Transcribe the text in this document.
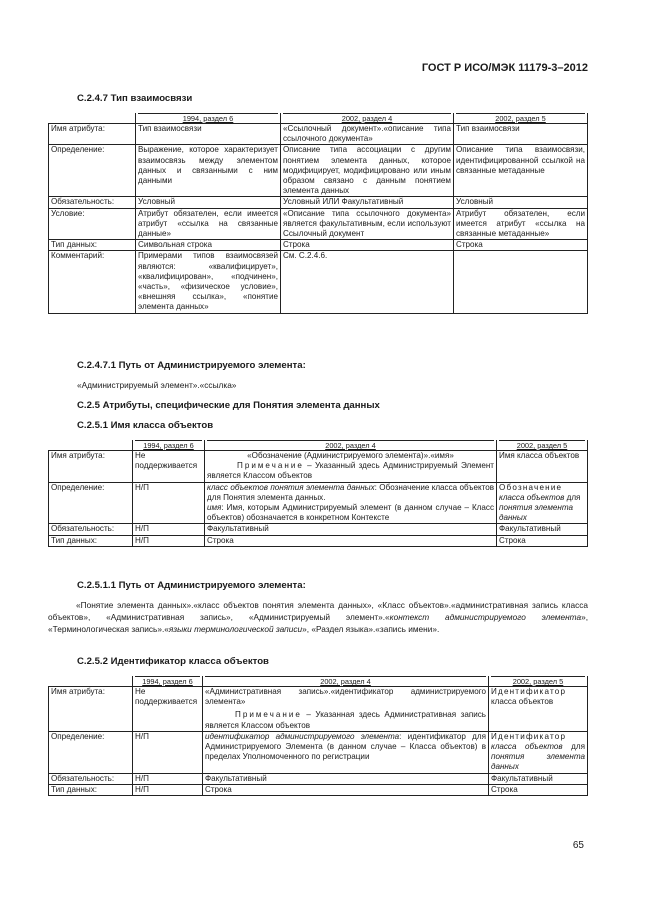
ГОСТ Р ИСО/МЭК 11179-3–2012
С.2.4.7 Тип взаимосвязи

	1994, раздел 6	2002, раздел 4	2002, раздел 5

Имя атрибута:	Тип взаимосвязи	«Ссылочный документ».«описание типа ссылочного документа»	Тип взаимосвязи
Определение:	Выражение, которое характеризует взаимосвязь между элементом данных и связанными с ним данными	Описание типа ассоциации с другим понятием элемента данных, которое модифицирует, модифицировано или иным образом связано с данным понятием элемента данных	Описание типа взаимосвязи, идентифицированной ссылкой на связанные метаданные
Обязательность:	Условный	Условный ИЛИ Факультативный	Условный
Условие:	Атрибут обязателен, если имеется атрибут «ссылка на связанные данные»	«Описание типа ссылочного документа» является факультативным, если используют Ссылочный документ	Атрибут обязателен, если имеется атрибут «ссылка на связанные метаданные»
Тип данных:	Символьная строка	Строка	Строка
Комментарий:	Примерами типов взаимосвязей являются: «квалифицирует», «квалифицирован», «подчинен», «часть», «физическое условие», «внешняя ссылка», «понятие элемента данных»	См. С.2.4.6.	
С.2.4.7.1 Путь от Администрируемого элемента:
«Администрируемый элемент».«ссылка»
С.2.5 Атрибуты, специфические для Понятия элемента данных
С.2.5.1 Имя класса объектов

	1994, раздел 6	2002, раздел 4	2002, раздел 5

Имя атрибута:	Не поддерживается	«Обозначение (Администрируемого элемента)».«имя»
Примечание – Указанный здесь Администрируемый Элемент является Классом объектов	Имя класса объектов
Определение:	Н/П	класс объектов понятия элемента данных: Обозначение класса объектов для Понятия элемента данных.
имя: Имя, которым Администрируемый элемент (в данном случае – Класс объектов) обозначается в конкретном Контексте	Обозначение класса объектов для понятия элемента данных
Обязательность:	Н/П	Факультативный	Факультативный
Тип данных:	Н/П	Строка	Строка
С.2.5.1.1 Путь от Администрируемого элемента:
«Понятие элемента данных».«класс объектов понятия элемента данных», «Класс объектов».«административная запись класса объектов», «Административная запись», «Администрируемый элемент».«контекст администрируемого элемента», «Терминологическая запись».«языки терминологической записи», «Раздел языка».«запись имени».
С.2.5.2 Идентификатор класса объектов

	1994, раздел 6	2002, раздел 4	2002, раздел 5

Имя атрибута:	Не поддерживается	«Административная запись».«идентификатор администрируемого элемента»
Примечание – Указанная здесь Административная запись является Классом объектов	Идентификатор класса объектов
Определение:	Н/П	идентификатор администрируемого элемента: идентификатор для Администрируемого Элемента (в данном случае – Класса объектов) в пределах Уполномоченного по регистрации	Идентификатор класса объектов для понятия элемента данных
Обязательность:	Н/П	Факультативный	Факультативный
Тип данных:	Н/П	Строка	Строка
65
